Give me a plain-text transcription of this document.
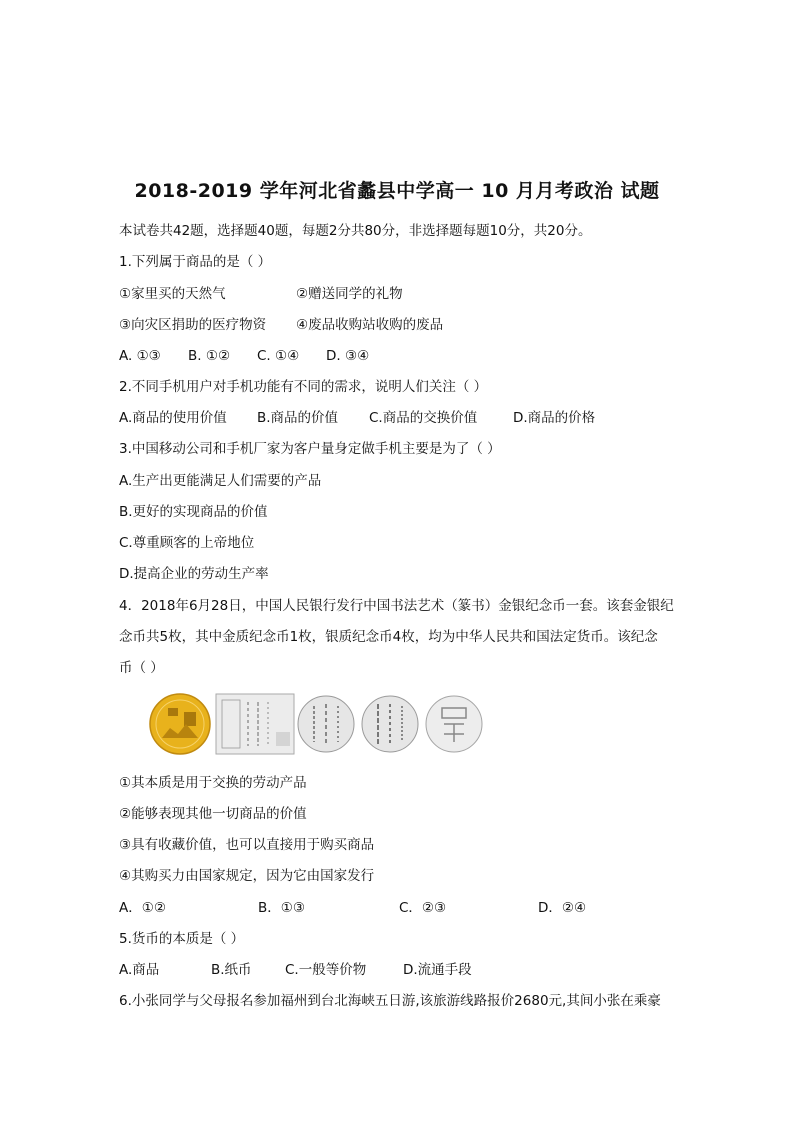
2018-2019 学年河北省蠡县中学高一 10 月月考政治 试题
本试卷共42题，选择题40题，每题2分共80分，非选择题每题10分，共20分。
1.下列属于商品的是（ ）
①家里买的天然气	②赠送同学的礼物
③向灾区捐助的医疗物资 ④废品收购站收购的废品
A. ①③ B. ①② C. ①④ D. ③④
2.不同手机用户对手机功能有不同的需求，说明人们关注（ ）
A.商品的使用价值 B.商品的价值 C.商品的交换价值	D.商品的价格
3.中国移动公司和手机厂家为客户量身定做手机主要是为了（ ）
A.生产出更能满足人们需要的产品
B.更好的实现商品的价值
C.尊重顾客的上帝地位
D.提高企业的劳动生产率
4．2018年6月28日，中国人民银行发行中国书法艺术（篆书）金银纪念币一套。该套金银纪
念币共5枚，其中金质纪念币1枚，银质纪念币4枚，均为中华人民共和国法定货币。该纪念
币（ ）
①其本质是用于交换的劳动产品
②能够表现其他一切商品的价值
③具有收藏价值，也可以直接用于购买商品
④其购买力由国家规定，因为它由国家发行
A．①②	B．①③	C．②③	D．②④
5.货币的本质是（ ）
A.商品	B.纸币 C.一般等价物	D.流通手段
6.小张同学与父母报名参加福州到台北海峡五日游,该旅游线路报价2680元,其间小张在乘豪
